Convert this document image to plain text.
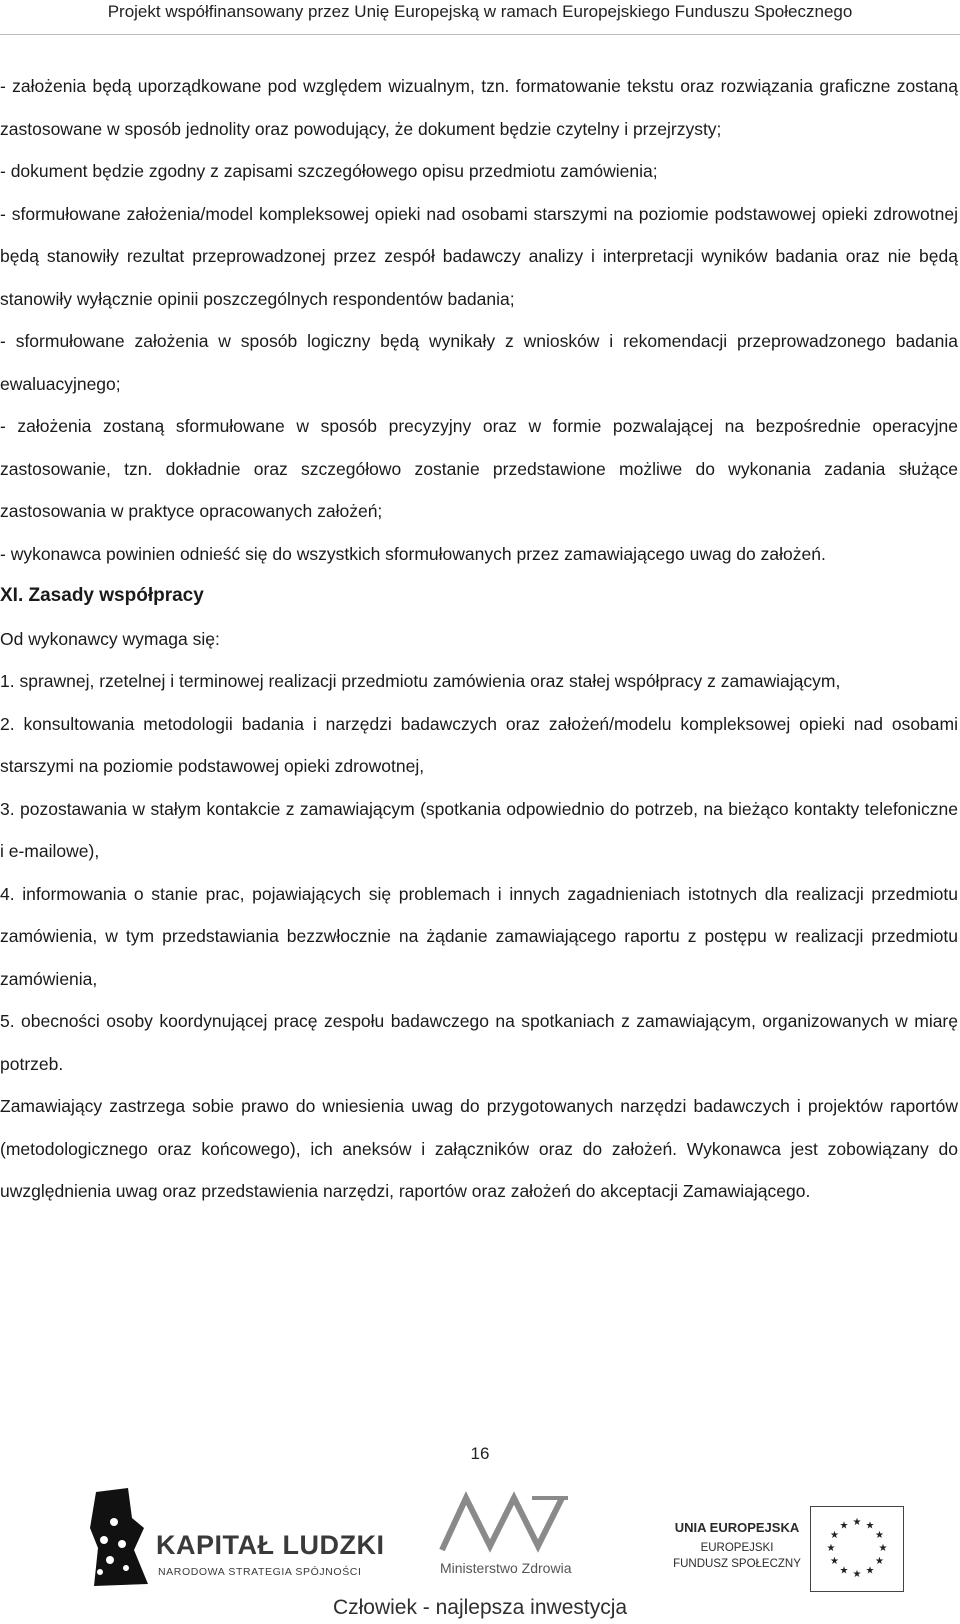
Projekt współfinansowany przez Unię Europejską w ramach Europejskiego Funduszu Społecznego

- założenia będą uporządkowane pod względem wizualnym, tzn. formatowanie tekstu oraz rozwiązania graficzne zostaną zastosowane w sposób jednolity oraz powodujący, że dokument będzie czytelny i przejrzysty;

- dokument będzie zgodny z zapisami szczegółowego opisu przedmiotu zamówienia;

- sformułowane założenia/model kompleksowej opieki nad osobami starszymi na poziomie podstawowej opieki zdrowotnej będą stanowiły rezultat przeprowadzonej przez zespół badawczy analizy i interpretacji wyników badania oraz nie będą stanowiły wyłącznie opinii poszczególnych respondentów badania;

- sformułowane założenia w sposób logiczny będą wynikały z wniosków i rekomendacji przeprowadzonego badania ewaluacyjnego;

- założenia zostaną sformułowane w sposób precyzyjny oraz w formie pozwalającej na bezpośrednie operacyjne zastosowanie, tzn. dokładnie oraz szczegółowo zostanie przedstawione możliwe do wykonania zadania służące zastosowania w praktyce opracowanych założeń;

- wykonawca powinien odnieść się do wszystkich sformułowanych przez zamawiającego uwag do założeń.

XI. Zasady współpracy

Od wykonawcy wymaga się:

1. sprawnej, rzetelnej i terminowej realizacji przedmiotu zamówienia oraz stałej współpracy z zamawiającym,

2. konsultowania metodologii badania i narzędzi badawczych oraz założeń/modelu kompleksowej opieki nad osobami starszymi na poziomie podstawowej opieki zdrowotnej,

3. pozostawania w stałym kontakcie z zamawiającym (spotkania odpowiednio do potrzeb, na bieżąco kontakty telefoniczne i e-mailowe),

4. informowania o stanie prac, pojawiających się problemach i innych zagadnieniach istotnych dla realizacji przedmiotu zamówienia, w tym przedstawiania bezzwłocznie na żądanie zamawiającego raportu z postępu w realizacji przedmiotu zamówienia,

5. obecności osoby koordynującej pracę zespołu badawczego na spotkaniach z zamawiającym, organizowanych w miarę potrzeb.

Zamawiający zastrzega sobie prawo do wniesienia uwag do przygotowanych narzędzi badawczych i projektów raportów (metodologicznego oraz końcowego), ich aneksów i załączników oraz do założeń. Wykonawca jest zobowiązany do uwzględnienia uwag oraz przedstawienia narzędzi, raportów oraz założeń do akceptacji Zamawiającego.

16
KAPITAŁ LUDZKI
NARODOWA STRATEGIA SPÓJNOŚCI	Ministerstwo Zdrowia
UNIA EUROPEJSKA
EUROPEJSKI
FUNDUSZ SPOŁECZNY
★ ★
★
★
★
★
★
★
★
★
★
★
Człowiek - najlepsza inwestycja
